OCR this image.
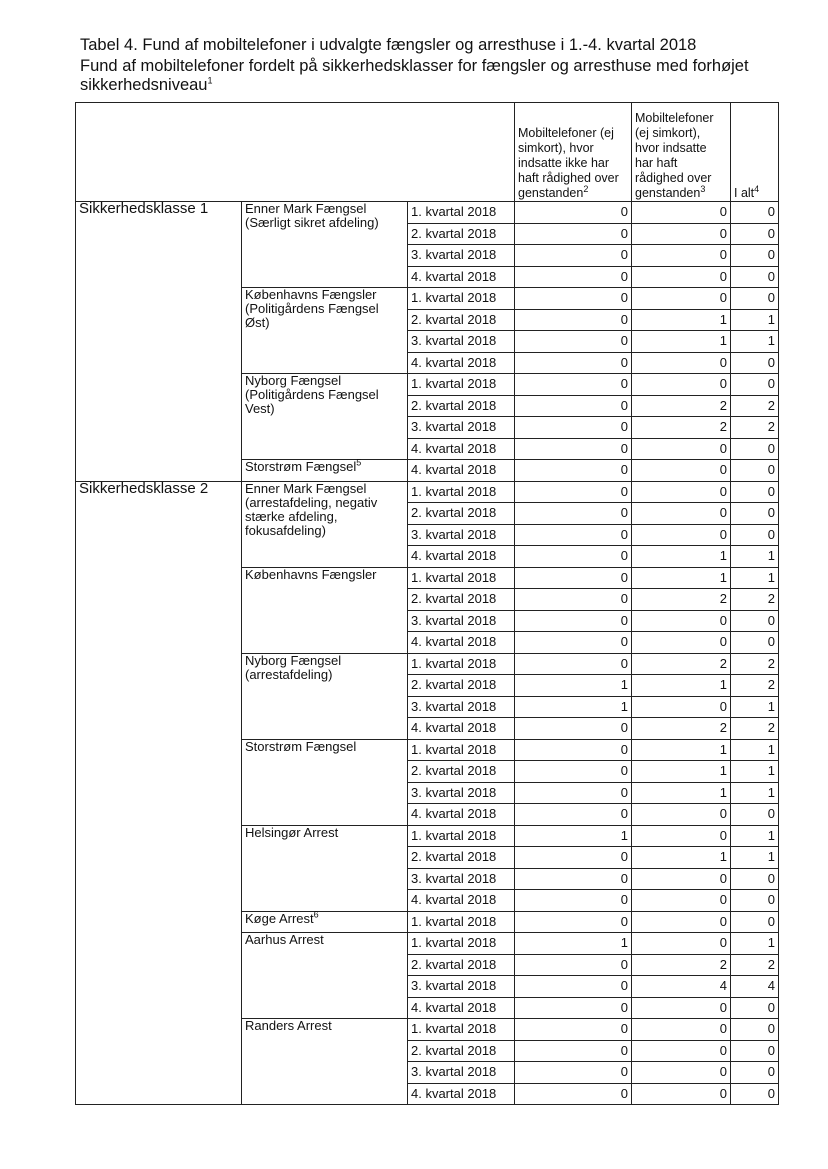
Tabel 4. Fund af mobiltelefoner i udvalgte fængsler og arresthuse i 1.-4. kvartal 2018
Fund af mobiltelefoner fordelt på sikkerhedsklasser for fængsler og arresthuse med forhøjet sikkerhedsniveau$^1$
			Mobiltelefoner (ej simkort), hvor indsatte ikke har haft rådighed over genstanden$^2$	Mobiltelefoner (ej simkort), hvor indsatte har haft rådighed over genstanden$^3$	I alt$^4$
Sikkerhedsklasse 1	Enner Mark Fængsel (Særligt sikret afdeling)	1. kvartal 2018	0	0	0
		2. kvartal 2018	0	0	0
		3. kvartal 2018	0	0	0
		4. kvartal 2018	0	0	0
	Københavns Fængsler (Politigårdens Fængsel Øst)	1. kvartal 2018	0	0	0
		2. kvartal 2018	0	1	1
		3. kvartal 2018	0	1	1
		4. kvartal 2018	0	0	0
	Nyborg Fængsel (Politigårdens Fængsel Vest)	1. kvartal 2018	0	0	0
		2. kvartal 2018	0	2	2
		3. kvartal 2018	0	2	2
		4. kvartal 2018	0	0	0
	Storstrøm Fængsel$^5$	4. kvartal 2018	0	0	0
Sikkerhedsklasse 2	Enner Mark Fængsel (arrestafdeling, negativ stærke afdeling, fokusafdeling)	1. kvartal 2018	0	0	0
		2. kvartal 2018	0	0	0
		3. kvartal 2018	0	0	0
		4. kvartal 2018	0	1	1
	Københavns Fængsler	1. kvartal 2018	0	1	1
		2. kvartal 2018	0	2	2
		3. kvartal 2018	0	0	0
		4. kvartal 2018	0	0	0
	Nyborg Fængsel (arrestafdeling)	1. kvartal 2018	0	2	2
		2. kvartal 2018	1	1	2
		3. kvartal 2018	1	0	1
		4. kvartal 2018	0	2	2
	Storstrøm Fængsel	1. kvartal 2018	0	1	1
		2. kvartal 2018	0	1	1
		3. kvartal 2018	0	1	1
		4. kvartal 2018	0	0	0
	Helsingør Arrest	1. kvartal 2018	1	0	1
		2. kvartal 2018	0	1	1
		3. kvartal 2018	0	0	0
		4. kvartal 2018	0	0	0
	Køge Arrest$^6$	1. kvartal 2018	0	0	0
	Aarhus Arrest	1. kvartal 2018	1	0	1
		2. kvartal 2018	0	2	2
		3. kvartal 2018	0	4	4
		4. kvartal 2018	0	0	0
	Randers Arrest	1. kvartal 2018	0	0	0
		2. kvartal 2018	0	0	0
		3. kvartal 2018	0	0	0
		4. kvartal 2018	0	0	0
